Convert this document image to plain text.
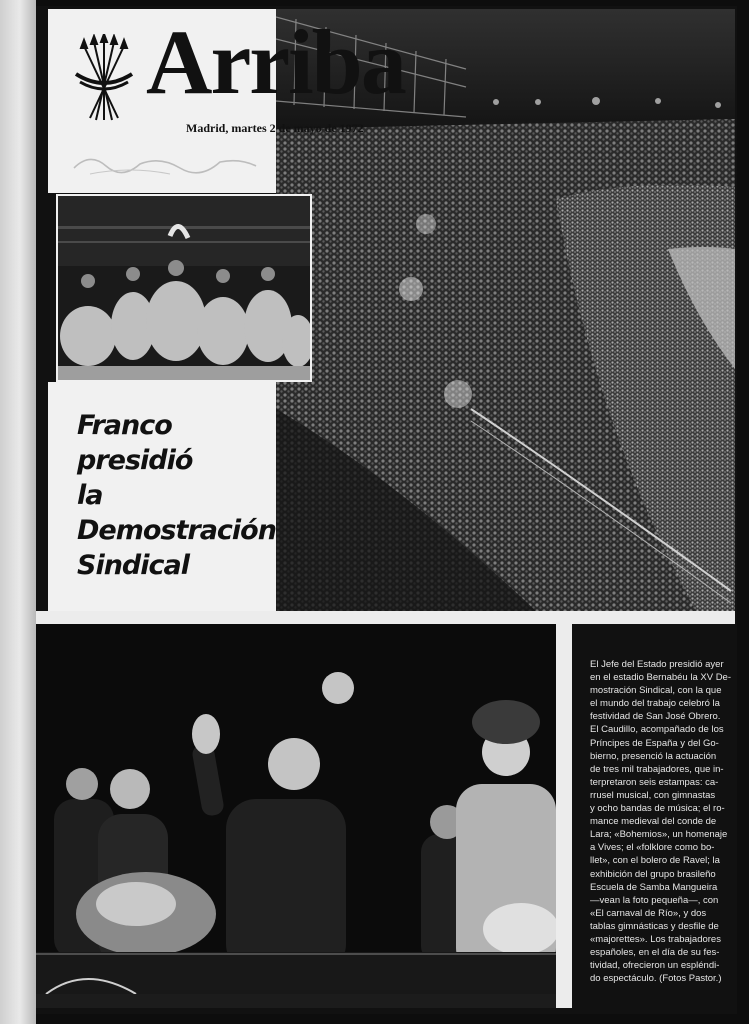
Arriba
Madrid, martes 2 de mayo de 1972
Franco
presidió
la
Demostración
Sindical
El Jefe del Estado presidió ayer
en el estadio Bernabéu la XV De-
mostración Sindical, con la que
el mundo del trabajo celebró la
festividad de San José Obrero.
El Caudillo, acompañado de los
Príncipes de España y del Go-
bierno, presenció la actuación
de tres mil trabajadores, que in-
terpretaron seis estampas: ca-
rrusel musical, con gimnastas
y ocho bandas de música; el ro-
mance medieval del conde de
Lara; «Bohemios», un homenaje
a Vives; el «folklore como bo-
llet», con el bolero de Ravel; la
exhibición del grupo brasileño
Escuela de Samba Mangueira
—vean la foto pequeña—, con
«El carnaval de Río», y dos
tablas gimnásticas y desfile de
«majorettes». Los trabajadores
españoles, en el día de su fes-
tividad, ofrecieron un espléndi-
do espectáculo. (Fotos Pastor.)
